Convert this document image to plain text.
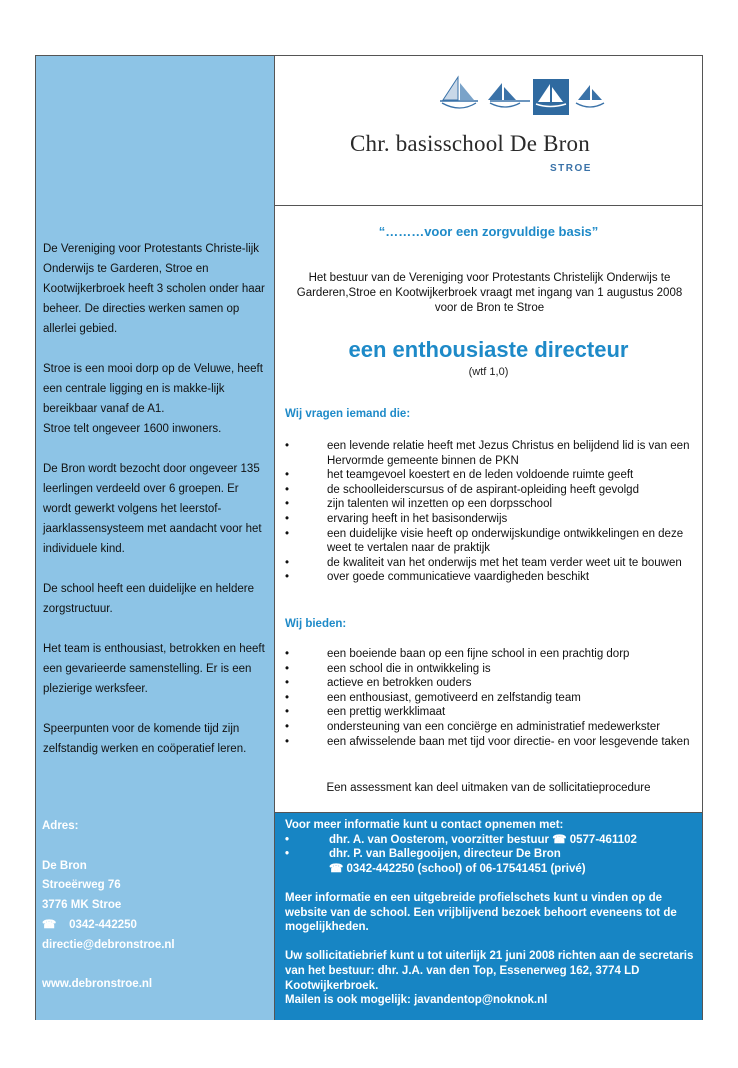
De Vereniging voor Protestants Christe-lijk Onderwijs te Garderen, Stroe en Kootwijkerbroek heeft 3 scholen onder haar beheer. De directies werken samen op allerlei gebied.

Stroe is een mooi dorp op de Veluwe, heeft een centrale ligging en is makke-lijk bereikbaar vanaf de A1.

Stroe telt ongeveer 1600 inwoners.

De Bron wordt bezocht door ongeveer 135 leerlingen verdeeld over 6 groepen. Er wordt gewerkt volgens het leerstof-jaarklassensysteem met aandacht voor het individuele kind.

De school heeft een duidelijke en heldere zorgstructuur.

Het team is enthousiast, betrokken en heeft een gevarieerde samenstelling. Er is een plezierige werksfeer.

Speerpunten voor de komende tijd zijn zelfstandig werken en coöperatief leren.

“………voor een zorgvuldige basis”
Het bestuur van de Vereniging voor Protestants Christelijk Onderwijs te Garderen,Stroe en Kootwijkerbroek vraagt met ingang van 1 augustus 2008 voor de Bron te Stroe
een enthousiaste directeur
(wtf 1,0)
Wij vragen iemand die:
• een levende relatie heeft met Jezus Christus en belijdend lid is van een Hervormde gemeente binnen de PKN
• het teamgevoel koestert en de leden voldoende ruimte geeft
• de schoolleiderscursus of de aspirant-opleiding heeft gevolgd
• zijn talenten wil inzetten op een dorpsschool
• ervaring heeft in het basisonderwijs
• een duidelijke visie heeft op onderwijskundige ontwikkelingen en deze weet te vertalen naar de praktijk
• de kwaliteit van het onderwijs met het team verder weet uit te bouwen
• over goede communicatieve vaardigheden beschikt
Wij bieden:
• een boeiende baan op een fijne school in een prachtig dorp
• een school die in ontwikkeling is
• actieve en betrokken ouders
• een enthousiast, gemotiveerd en zelfstandig team
• een prettig werkklimaat
• ondersteuning van een conciërge en administratief medewerkster
• een afwisselende baan met tijd voor directie- en voor lesgevende taken
Een assessment kan deel uitmaken van de sollicitatieprocedure

Voor meer informatie kunt u contact opnemen met:

•	dhr. A. van Oosterom, voorzitter bestuur ☎ 0577-461102

•	dhr. P. van Ballegooijen, directeur De Bron

☎ 0342-442250 (school) of 06-17541451 (privé)

Meer informatie en een uitgebreide profielschets kunt u vinden op de website van de school. Een vrijblijvend bezoek behoort eveneens tot de mogelijkheden.

Uw sollicitatiebrief kunt u tot uiterlijk 21 juni 2008 richten aan de secretaris van het bestuur: dhr. J.A. van den Top, Essenerweg 162, 3774 LD Kootwijkerbroek.

Mailen is ook mogelijk: javandentop@noknok.nl

Adres:
De Bron
Stroeërweg 76
3776 MK Stroe
☎    0342-442250
directie@debronstroe.nl
www.debronstroe.nl
Chr. basisschool De Bron
STROE
